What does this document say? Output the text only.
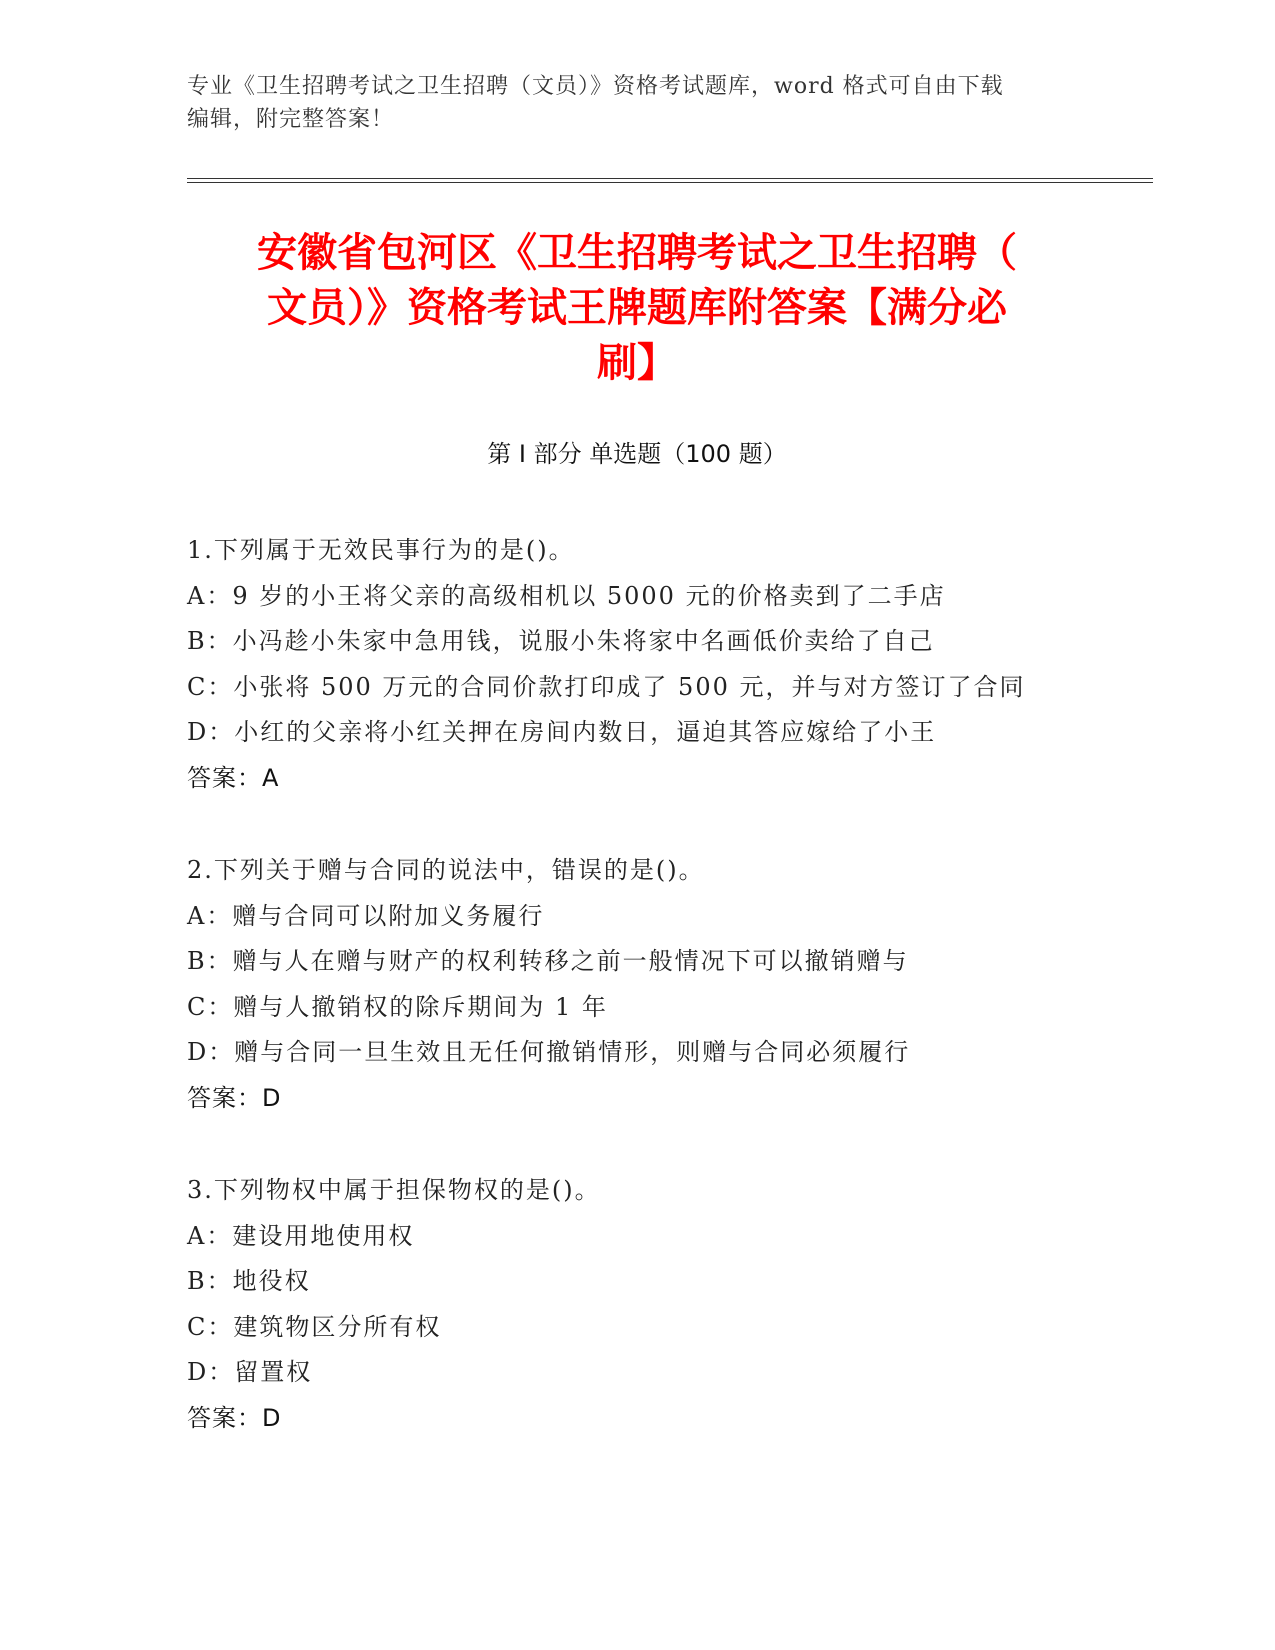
专业《卫生招聘考试之卫生招聘（文员）》资格考试题库，word 格式可自由下载
编辑，附完整答案！
安徽省包河区《卫生招聘考试之卫生招聘（
文员）》资格考试王牌题库附答案【满分必
刷】
第 I 部分 单选题（100 题）
1.下列属于无效民事行为的是()。
A：9 岁的小王将父亲的高级相机以 5000 元的价格卖到了二手店
B：小冯趁小朱家中急用钱，说服小朱将家中名画低价卖给了自己
C：小张将 500 万元的合同价款打印成了 500 元，并与对方签订了合同
D：小红的父亲将小红关押在房间内数日，逼迫其答应嫁给了小王
答案：A
2.下列关于赠与合同的说法中，错误的是()。
A：赠与合同可以附加义务履行
B：赠与人在赠与财产的权利转移之前一般情况下可以撤销赠与
C：赠与人撤销权的除斥期间为 1 年
D：赠与合同一旦生效且无任何撤销情形，则赠与合同必须履行
答案：D
3.下列物权中属于担保物权的是()。
A：建设用地使用权
B：地役权
C：建筑物区分所有权
D：留置权
答案：D
